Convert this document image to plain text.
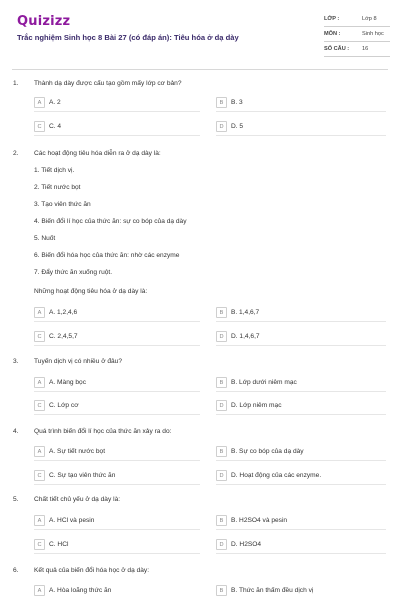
Quizizz
Trắc nghiệm Sinh học 8 Bài 27 (có đáp án): Tiêu hóa ở dạ dày
LỚP :	Lớp 8
MÔN :	Sinh học
SỐ CÂU : 16
1. Thành dạ dày được cấu tạo gồm mấy lớp cơ bản?
A	A. 2	B	B. 3
C	C. 4	D	D. 5
2. Các hoạt động tiêu hóa diễn ra ở dạ dày là:
1. Tiết dịch vị.
2. Tiết nước bọt
3. Tạo viên thức ăn
4. Biến đổi lí học của thức ăn: sự co bóp của dạ dày
5. Nuốt
6. Biến đổi hóa học của thức ăn: nhờ các enzyme
7. Đẩy thức ăn xuống ruột.
Những hoạt động tiêu hóa ở dạ dày là:
A	A. 1,2,4,6	B	B. 1,4,6,7
C	C. 2,4,5,7	D	D. 1,4,6,7
3. Tuyến dịch vị có nhiều ở đâu?
A	A. Màng bọc	B	B. Lớp dưới niêm mạc
C	C. Lớp cơ	D	D. Lớp niêm mạc
4. Quá trình biến đổi lí học của thức ăn xảy ra do:
A	A. Sự tiết nước bọt	B	B. Sự co bóp của dạ dày
C	C. Sự tạo viên thức ăn	D	D. Hoạt động của các enzyme.
5. Chất tiết chủ yếu ở dạ dày là:
A	A. HCl và pesin	B	B. H2SO4 và pesin
C	C. HCl	D	D. H2SO4
6. Kết quả của biến đổi hóa học ở dạ dày:
A	A. Hòa loãng thức ăn	B	B. Thức ăn thấm đều dịch vị
